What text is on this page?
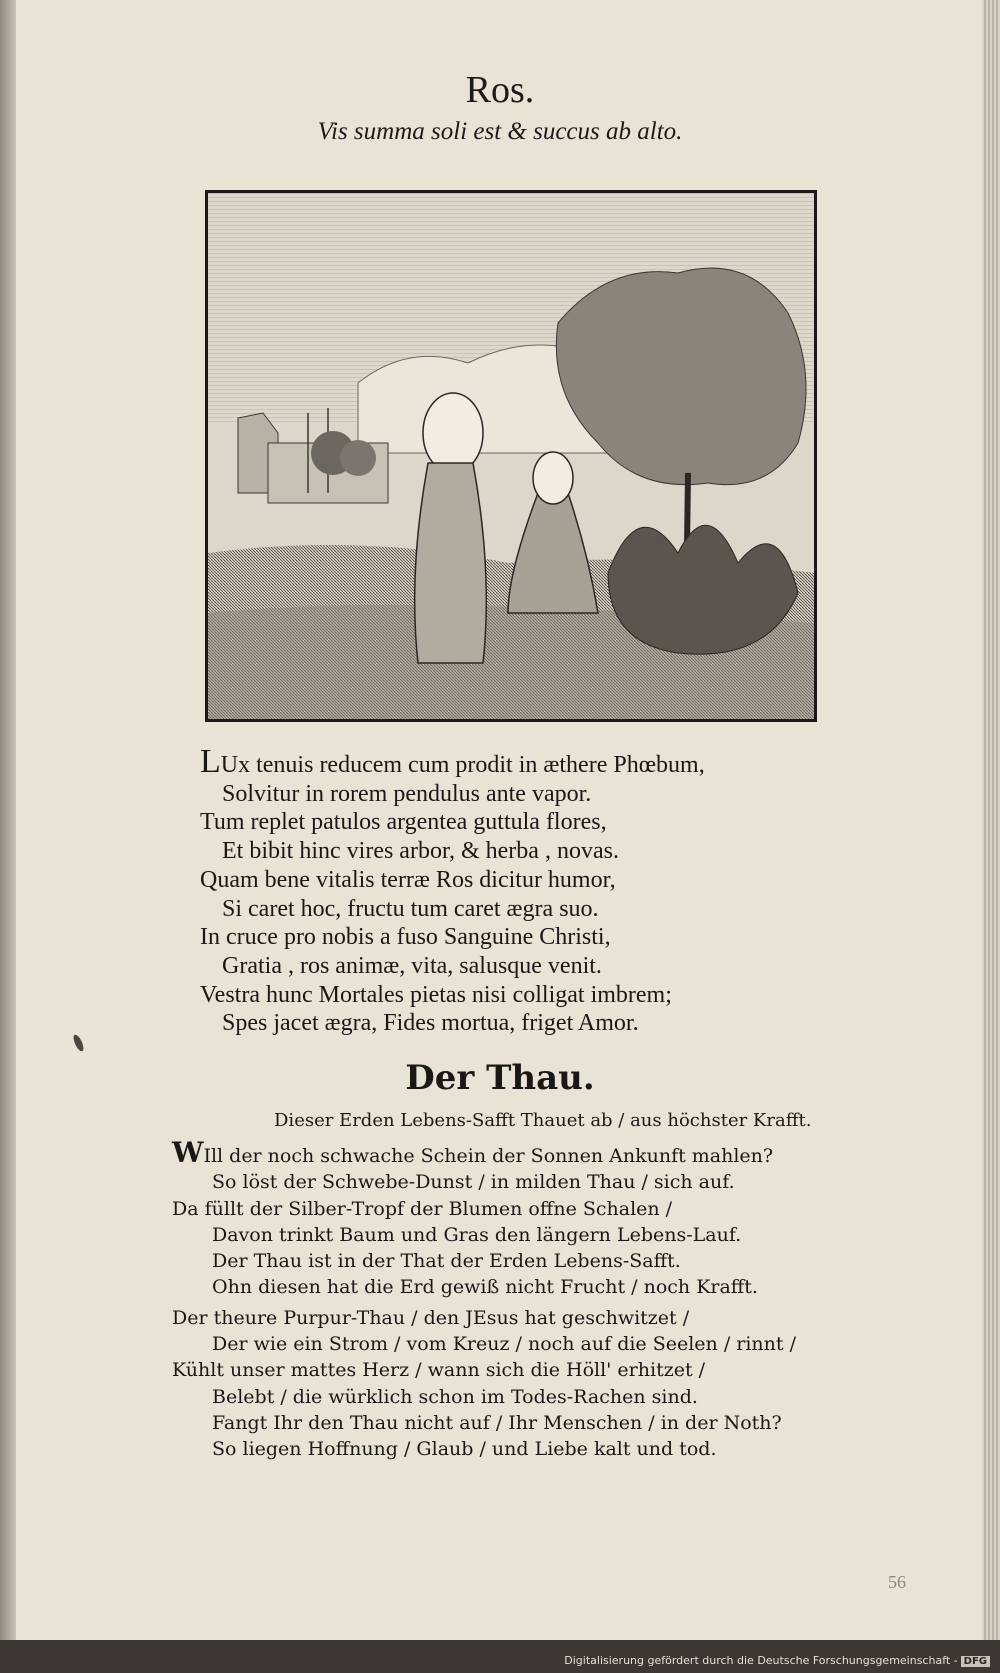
Ros.
Vis summa soli est & succus ab alto.
LUx tenuis reducem cum prodit in æthere Phœbum,
Solvitur in rorem pendulus ante vapor.
Tum replet patulos argentea guttula flores,
Et bibit hinc vires arbor, & herba , novas.
Quam bene vitalis terræ Ros dicitur humor,
Si caret hoc, fructu tum caret ægra suo.
In cruce pro nobis a fuso Sanguine Christi,
Gratia , ros animæ, vita, salusque venit.
Vestra hunc Mortales pietas nisi colligat imbrem;
Spes jacet ægra, Fides mortua, friget Amor.
Der Thau.
Dieser Erden Lebens-Safft Thauet ab / aus höchster Krafft.
WIll der noch schwache Schein der Sonnen Ankunft mahlen?
So löst der Schwebe-Dunst / in milden Thau / sich auf.
Da füllt der Silber-Tropf der Blumen offne Schalen /
Davon trinkt Baum und Gras den längern Lebens-Lauf.
Der Thau ist in der That der Erden Lebens-Safft.
Ohn diesen hat die Erd gewiß nicht Frucht / noch Krafft.
Der theure Purpur-Thau / den JEsus hat geschwitzet /
Der wie ein Strom / vom Kreuz / noch auf die Seelen / rinnt /
Kühlt unser mattes Herz / wann sich die Höll' erhitzet /
Belebt / die würklich schon im Todes-Rachen sind.
Fangt Ihr den Thau nicht auf / Ihr Menschen / in der Noth?
So liegen Hoffnung / Glaub / und Liebe kalt und tod.
56
Digitalisierung gefördert durch die Deutsche Forschungsgemeinschaft - DFG
